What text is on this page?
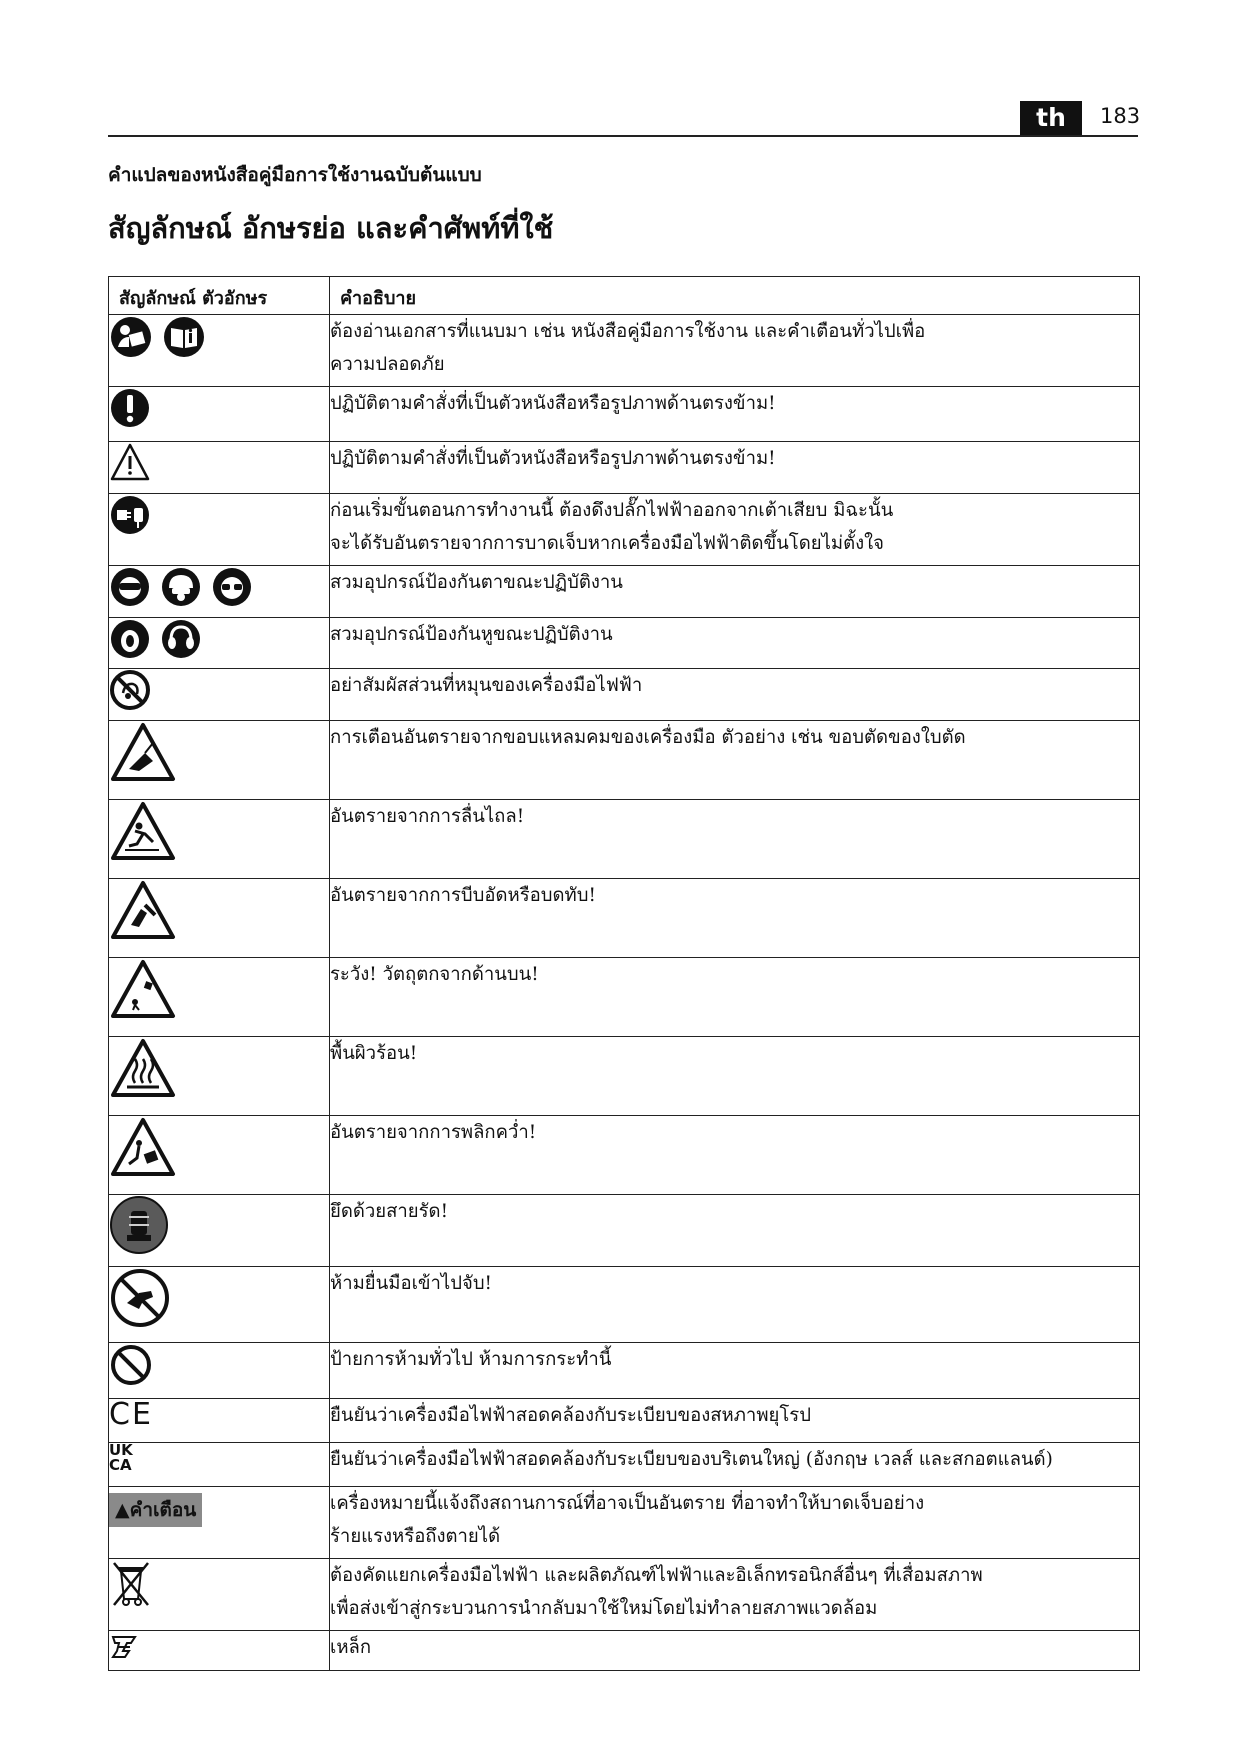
th	183
คำแปลของหนังสือคู่มือการใช้งานฉบับต้นแบบ
สัญลักษณ์ อักษรย่อ และคำศัพท์ที่ใช้
สัญลักษณ์ ตัวอักษร	คำอธิบาย

ต้องอ่านเอกสารที่แนบมา เช่น หนังสือคู่มือการใช้งาน และคำเตือนทั่วไปเพื่อ
ความปลอดภัย

ปฏิบัติตามคำสั่งที่เป็นตัวหนังสือหรือรูปภาพด้านตรงข้าม!

ปฏิบัติตามคำสั่งที่เป็นตัวหนังสือหรือรูปภาพด้านตรงข้าม!

ก่อนเริ่มขั้นตอนการทำงานนี้ ต้องดึงปลั๊กไฟฟ้าออกจากเต้าเสียบ มิฉะนั้น
จะได้รับอันตรายจากการบาดเจ็บหากเครื่องมือไฟฟ้าติดขึ้นโดยไม่ตั้งใจ

สวมอุปกรณ์ป้องกันตาขณะปฏิบัติงาน

สวมอุปกรณ์ป้องกันหูขณะปฏิบัติงาน

อย่าสัมผัสส่วนที่หมุนของเครื่องมือไฟฟ้า

การเตือนอันตรายจากขอบแหลมคมของเครื่องมือ ตัวอย่าง เช่น ขอบตัดของใบตัด

อันตรายจากการลื่นไถล!

อันตรายจากการบีบอัดหรือบดทับ!

ระวัง! วัตถุตกจากด้านบน!

พื้นผิวร้อน!

อันตรายจากการพลิกคว่ำ!

ยึดด้วยสายรัด!

ห้ามยื่นมือเข้าไปจับ!

ป้ายการห้ามทั่วไป ห้ามการกระทำนี้

CE	ยืนยันว่าเครื่องมือไฟฟ้าสอดคล้องกับระเบียบของสหภาพยุโรป

UK
CA	ยืนยันว่าเครื่องมือไฟฟ้าสอดคล้องกับระเบียบของบริเตนใหญ่ (อังกฤษ เวลส์ และสกอตแลนด์)

▲คำเตือน	เครื่องหมายนี้แจ้งถึงสถานการณ์ที่อาจเป็นอันตราย ที่อาจทำให้บาดเจ็บอย่าง
ร้ายแรงหรือถึงตายได้

ต้องคัดแยกเครื่องมือไฟฟ้า และผลิตภัณฑ์ไฟฟ้าและอิเล็กทรอนิกส์อื่นๆ ที่เสื่อมสภาพ
เพื่อส่งเข้าสู่กระบวนการนำกลับมาใช้ใหม่โดยไม่ทำลายสภาพแวดล้อม

เหล็ก
